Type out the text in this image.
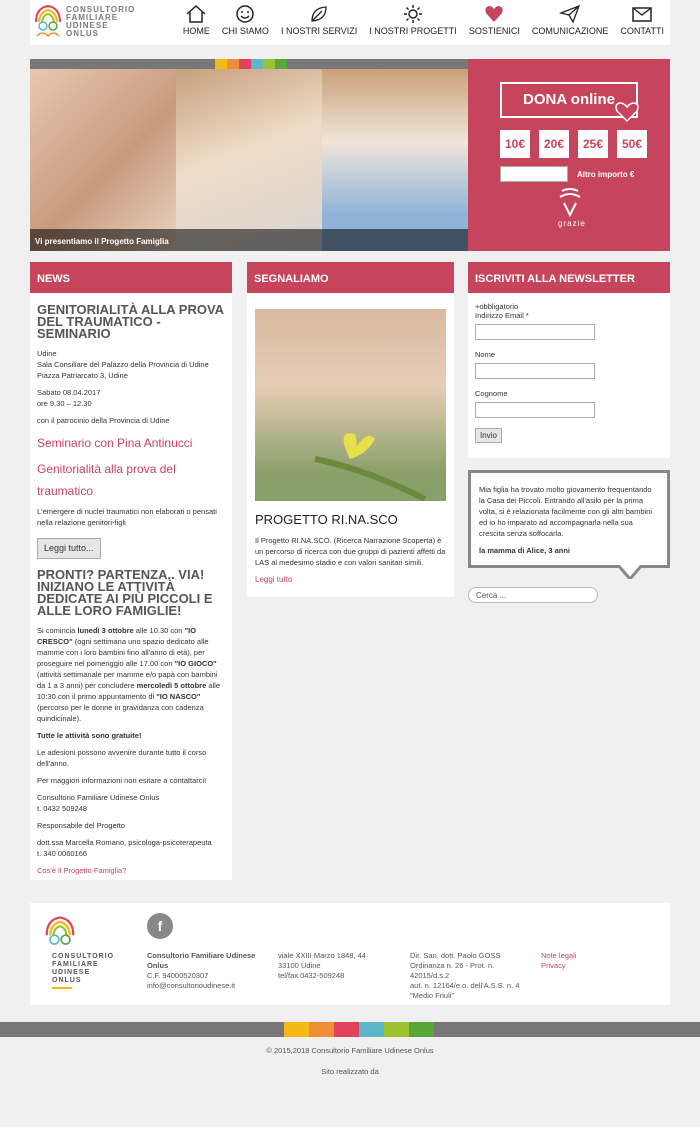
CONSULTORIO
FAMILIARE
UDINESE
ONLUS	HOME CHI SIAMO I NOSTRI SERVIZI I NOSTRI PROGETTI SOSTIENICI COMUNICAZIONE CONTATTI
Vi presentiamo il Progetto Famiglia
DONA online
10€	20€	25€	50€
Altro importo €
grazie
NEWS
GENITORIALITÀ ALLA PROVA DEL TRAUMATICO - SEMINARIO
Udine
Sala Consiliare del Palazzo della Provincia di Udine
Piazza Patriarcato 3, Udine
Sabato 08.04.2017
ore 9.30 – 12.30
con il patrocinio della Provincia di Udine
Seminario con Pina Antinucci
Genitorialità alla prova del traumatico
L'emergere di nuclei traumatici non elaborati o pensati nella relazione genitori-figli
Leggi tutto...
PRONTI? PARTENZA.. VIA! INIZIANO LE ATTIVITÀ DEDICATE AI PIÙ PICCOLI E ALLE LORO FAMIGLIE!
Si comincia lunedì 3 ottobre alle 10.30 con "IO CRESCO" (ogni settimana uno spazio dedicato alle mamme con i loro bambini fino all'anno di età), per proseguire nel pomeriggio alle 17.00 con "IO GIOCO" (attività settimanale per mamme e/o papà con bambini da 1 a 3 anni) per concludere mercoledì 5 ottobre alle 10:30 con il primo appuntamento di "IO NASCO" (percorso per le donne in gravidanza con cadenza quindicinale).
Tutte le attività sono gratuite!
Le adesioni possono avvenire durante tutto il corso dell'anno.
Per maggiori informazioni non esitare a contattarci!
Consultorio Familiare Udinese Onlus
t. 0432 509248
Responsabile del Progetto
dott.ssa Marcella Romano, psicologa-psicoterapeuta
t. 340 0060166
Cos'è il Progetto Famiglia?
SEGNALIAMO
PROGETTO RI.NA.SCO
Il Progetto RI.NA.SCO. (Ricerca Narrazione Scoperta) è un percorso di ricerca con due gruppi di pazienti affetti da LAS al medesimo stadio e con valori sanitari simili.
Leggi tutto
ISCRIVITI ALLA NEWSLETTER
+obbligatorio
Indirizzo Email *
Nome
Cognome
Invio
Mia figlia ha trovato molto giovamento frequentando la Casa dei Piccoli. Entrando all'asilo per la prima volta, si è relazionata facilmente con gli altri bambini ed io ho imparato ad accompagnarla nella sua crescita senza soffocarla.
la mamma di Alice, 3 anni
Cerca ...
CONSULTORIO
FAMILIARE
UDINESE
ONLUS
f
Consultorio Familiare Udinese Onlus
C.F. 94000520307
info@consultorioudinese.it
viale XXIII Marzo 1848, 44
33100 Udine
tel/fax 0432-509248
Dir. San. dott. Paolo GOSS
Ordinanza n. 26 - Prot. n.
42015/d.s.2
aut. n. 12164/e.o. dell'A.S.S. n. 4
"Medio Friuli"
Note legali
Privacy
© 2015,2018 Consultorio Familiare Udinese Onlus
Sito realizzato da
